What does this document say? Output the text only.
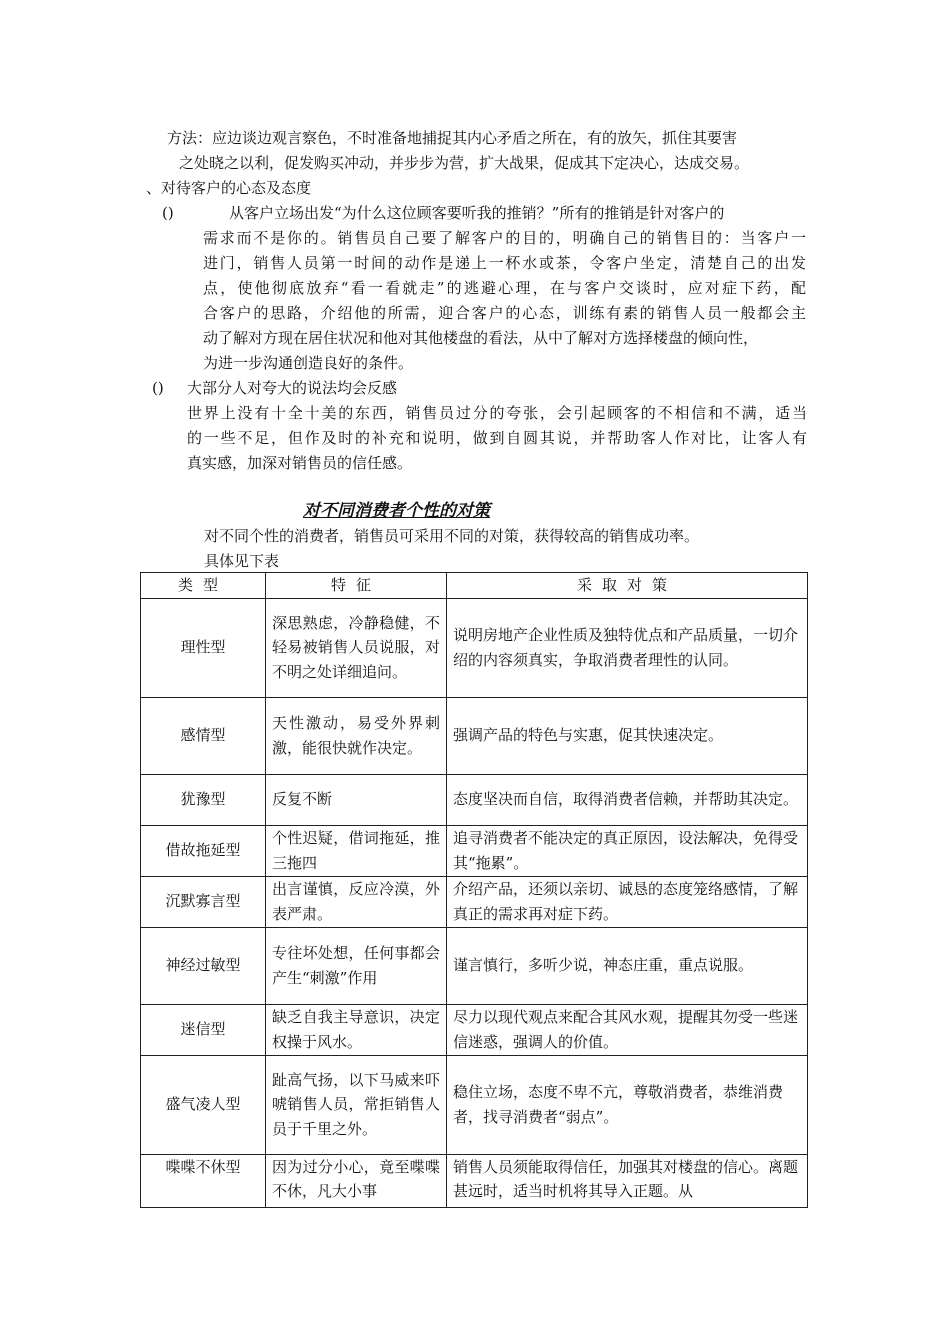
方法：应边谈边观言察色，不时准备地捕捉其内心矛盾之所在，有的放矢，抓住其要害
之处晓之以利，促发购买冲动，并步步为营，扩大战果，促成其下定决心，达成交易。
、对待客户的心态及态度
()	从客户立场出发“为什么这位顾客要听我的推销？”所有的推销是针对客户的
需求而不是你的。销售员自己要了解客户的目的，明确自己的销售目的：当客户一
进门，销售人员第一时间的动作是递上一杯水或茶，令客户坐定，清楚自己的出发
点，使他彻底放弃“看一看就走”的逃避心理，在与客户交谈时，应对症下药，配
合客户的思路，介绍他的所需，迎合客户的心态，训练有素的销售人员一般都会主
动了解对方现在居住状况和他对其他楼盘的看法，从中了解对方选择楼盘的倾向性，
为进一步沟通创造良好的条件。
() 大部分人对夸大的说法均会反感
世界上没有十全十美的东西，销售员过分的夸张，会引起顾客的不相信和不满，适当
的一些不足，但作及时的补充和说明，做到自圆其说，并帮助客人作对比，让客人有
真实感，加深对销售员的信任感。
对不同消费者个性的对策
对不同个性的消费者，销售员可采用不同的对策，获得较高的销售成功率。
具体见下表
类型	特征	采取对策
理性型	深思熟虑，冷静稳健，不轻易被销售人员说服，对不明之处详细追问。	说明房地产企业性质及独特优点和产品质量，一切介绍的内容须真实，争取消费者理性的认同。
感情型	天性激动，易受外界刺激，能很快就作决定。	强调产品的特色与实惠，促其快速决定。
犹豫型	反复不断	态度坚决而自信，取得消费者信赖，并帮助其决定。
借故拖延型	个性迟疑，借词拖延，推三拖四	追寻消费者不能决定的真正原因，设法解决，免得受其“拖累”。
沉默寡言型	出言谨慎，反应冷漠，外表严肃。	介绍产品，还须以亲切、诚恳的态度笼络感情，了解真正的需求再对症下药。
神经过敏型	专往坏处想，任何事都会产生“刺激”作用	谨言慎行，多听少说，神态庄重，重点说服。
迷信型	缺乏自我主导意识，决定权操于风水。	尽力以现代观点来配合其风水观，提醒其勿受一些迷信迷惑，强调人的价值。
盛气凌人型	趾高气扬，以下马威来吓唬销售人员，常拒销售人员于千里之外。	稳住立场，态度不卑不亢，尊敬消费者，恭维消费者，找寻消费者“弱点”。
喋喋不休型	因为过分小心，竟至喋喋不休，凡大小事	销售人员须能取得信任，加强其对楼盘的信心。离题甚远时，适当时机将其导入正题。从
